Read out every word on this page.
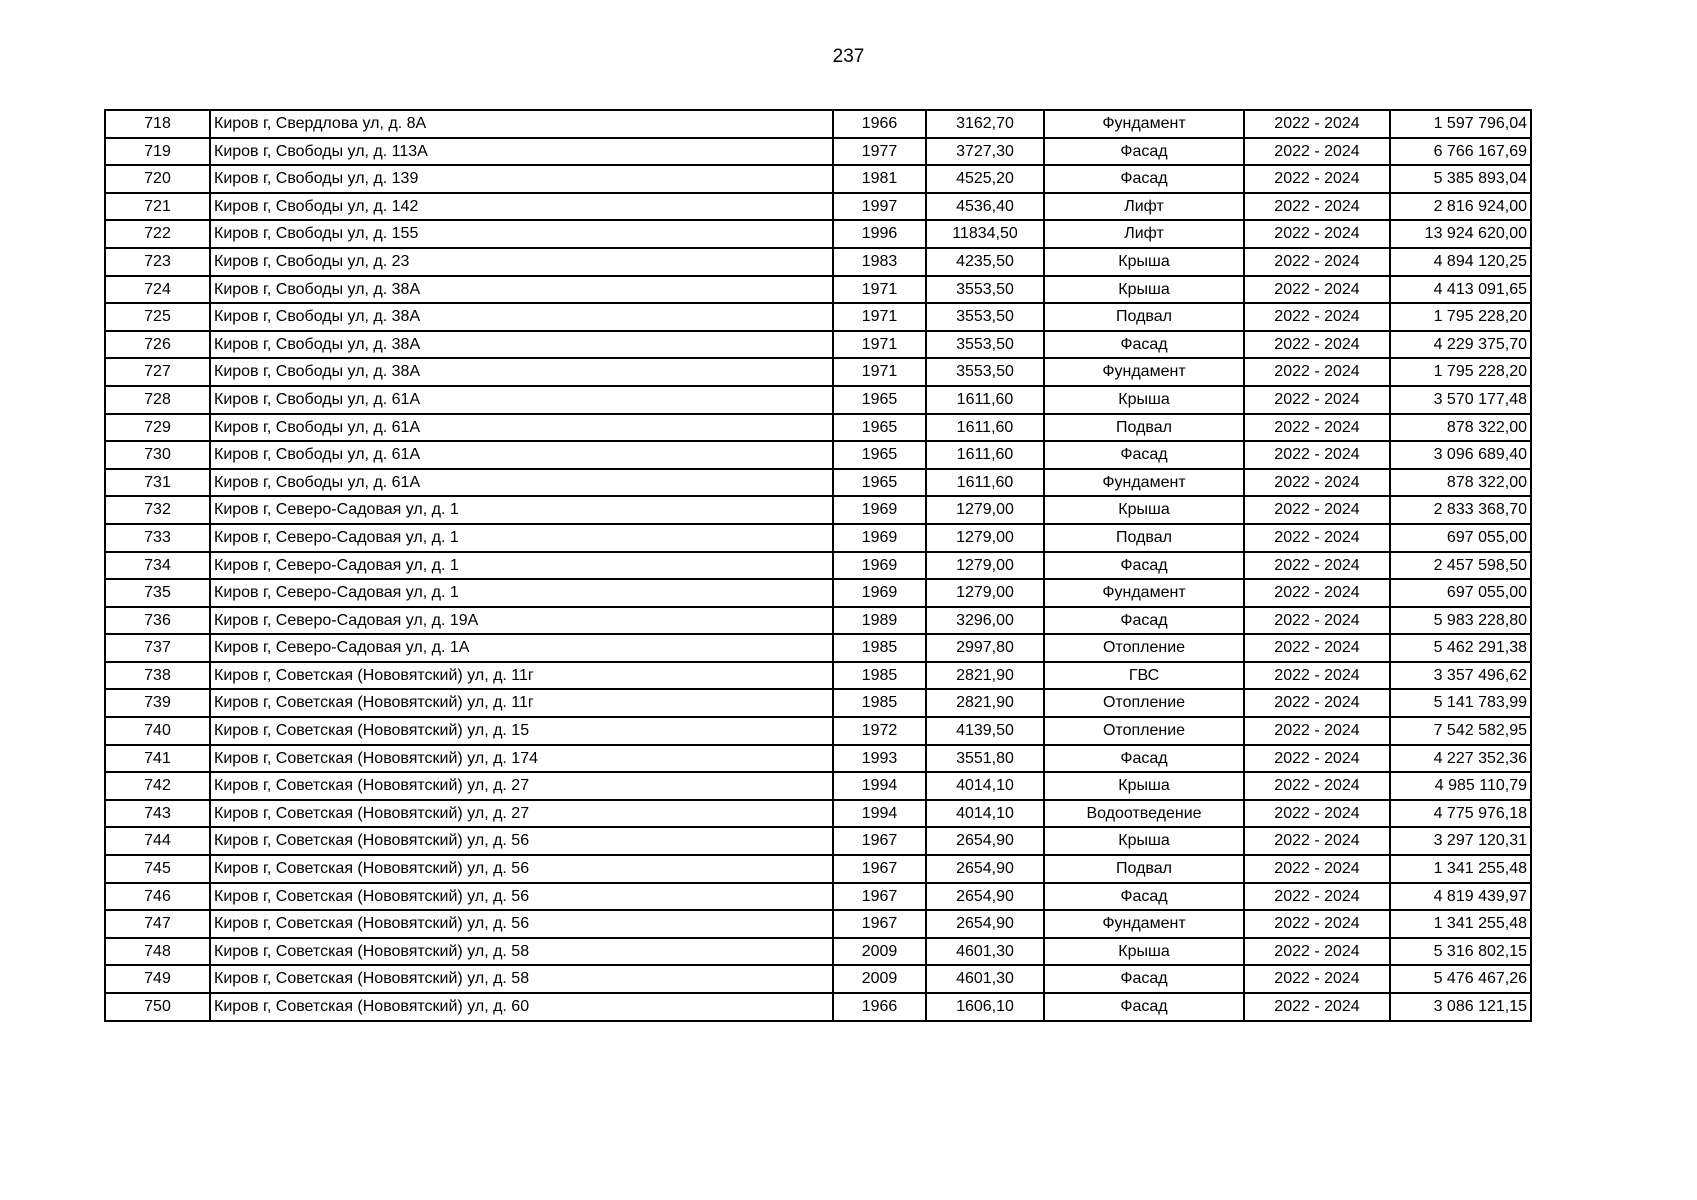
237
718	Киров г, Свердлова ул, д. 8А	1966	3162,70	Фундамент	2022 - 2024	1 597 796,04
719	Киров г, Свободы ул, д. 113А	1977	3727,30	Фасад	2022 - 2024	6 766 167,69
720	Киров г, Свободы ул, д. 139	1981	4525,20	Фасад	2022 - 2024	5 385 893,04
721	Киров г, Свободы ул, д. 142	1997	4536,40	Лифт	2022 - 2024	2 816 924,00
722	Киров г, Свободы ул, д. 155	1996	11834,50	Лифт	2022 - 2024	13 924 620,00
723	Киров г, Свободы ул, д. 23	1983	4235,50	Крыша	2022 - 2024	4 894 120,25
724	Киров г, Свободы ул, д. 38А	1971	3553,50	Крыша	2022 - 2024	4 413 091,65
725	Киров г, Свободы ул, д. 38А	1971	3553,50	Подвал	2022 - 2024	1 795 228,20
726	Киров г, Свободы ул, д. 38А	1971	3553,50	Фасад	2022 - 2024	4 229 375,70
727	Киров г, Свободы ул, д. 38А	1971	3553,50	Фундамент	2022 - 2024	1 795 228,20
728	Киров г, Свободы ул, д. 61А	1965	1611,60	Крыша	2022 - 2024	3 570 177,48
729	Киров г, Свободы ул, д. 61А	1965	1611,60	Подвал	2022 - 2024	878 322,00
730	Киров г, Свободы ул, д. 61А	1965	1611,60	Фасад	2022 - 2024	3 096 689,40
731	Киров г, Свободы ул, д. 61А	1965	1611,60	Фундамент	2022 - 2024	878 322,00
732	Киров г, Северо-Садовая ул, д. 1	1969	1279,00	Крыша	2022 - 2024	2 833 368,70
733	Киров г, Северо-Садовая ул, д. 1	1969	1279,00	Подвал	2022 - 2024	697 055,00
734	Киров г, Северо-Садовая ул, д. 1	1969	1279,00	Фасад	2022 - 2024	2 457 598,50
735	Киров г, Северо-Садовая ул, д. 1	1969	1279,00	Фундамент	2022 - 2024	697 055,00
736	Киров г, Северо-Садовая ул, д. 19А	1989	3296,00	Фасад	2022 - 2024	5 983 228,80
737	Киров г, Северо-Садовая ул, д. 1А	1985	2997,80	Отопление	2022 - 2024	5 462 291,38
738	Киров г, Советская (Нововятский) ул, д. 11г	1985	2821,90	ГВС	2022 - 2024	3 357 496,62
739	Киров г, Советская (Нововятский) ул, д. 11г	1985	2821,90	Отопление	2022 - 2024	5 141 783,99
740	Киров г, Советская (Нововятский) ул, д. 15	1972	4139,50	Отопление	2022 - 2024	7 542 582,95
741	Киров г, Советская (Нововятский) ул, д. 174	1993	3551,80	Фасад	2022 - 2024	4 227 352,36
742	Киров г, Советская (Нововятский) ул, д. 27	1994	4014,10	Крыша	2022 - 2024	4 985 110,79
743	Киров г, Советская (Нововятский) ул, д. 27	1994	4014,10	Водоотведение	2022 - 2024	4 775 976,18
744	Киров г, Советская (Нововятский) ул, д. 56	1967	2654,90	Крыша	2022 - 2024	3 297 120,31
745	Киров г, Советская (Нововятский) ул, д. 56	1967	2654,90	Подвал	2022 - 2024	1 341 255,48
746	Киров г, Советская (Нововятский) ул, д. 56	1967	2654,90	Фасад	2022 - 2024	4 819 439,97
747	Киров г, Советская (Нововятский) ул, д. 56	1967	2654,90	Фундамент	2022 - 2024	1 341 255,48
748	Киров г, Советская (Нововятский) ул, д. 58	2009	4601,30	Крыша	2022 - 2024	5 316 802,15
749	Киров г, Советская (Нововятский) ул, д. 58	2009	4601,30	Фасад	2022 - 2024	5 476 467,26
750	Киров г, Советская (Нововятский) ул, д. 60	1966	1606,10	Фасад	2022 - 2024	3 086 121,15
